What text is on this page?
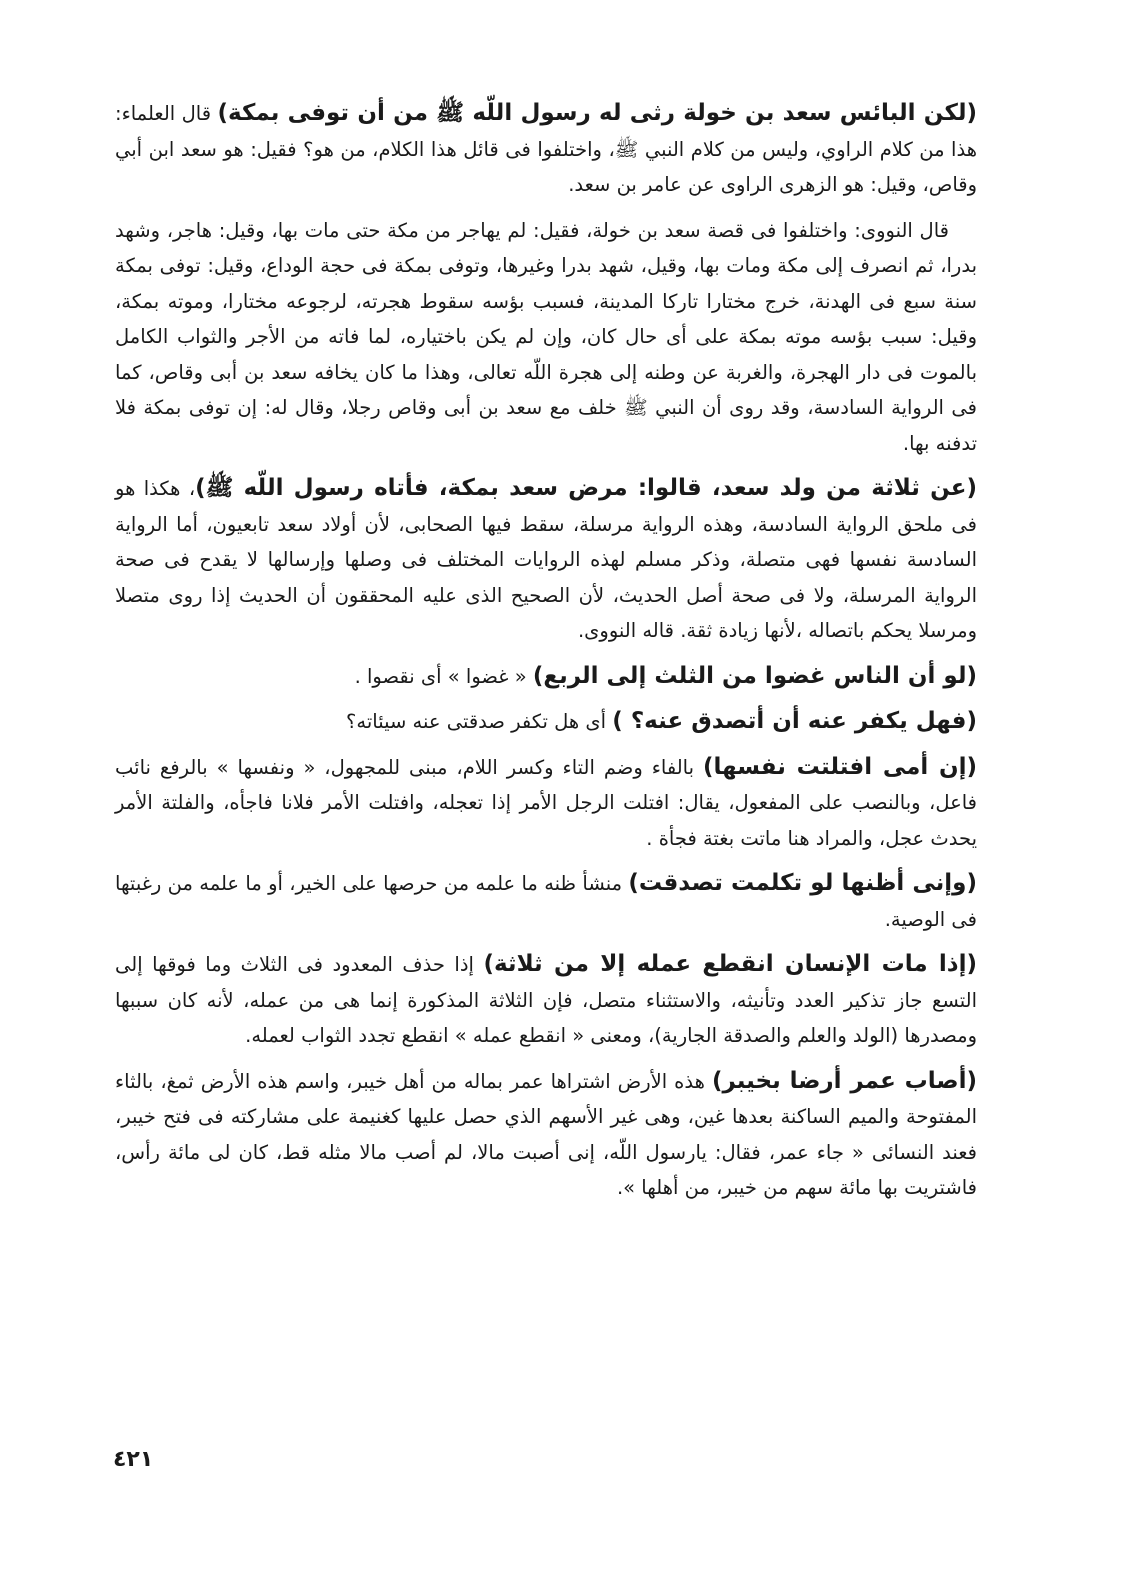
(لكن البائس سعد بن خولة رثى له رسول اللّه ﷺ من أن توفى بمكة) قال العلماء: هذا من كلام الراوي، وليس من كلام النبي ﷺ، واختلفوا فى قائل هذا الكلام، من هو؟ فقيل: هو سعد ابن أبي وقاص، وقيل: هو الزهرى الراوى عن عامر بن سعد.

قال النووى: واختلفوا فى قصة سعد بن خولة، فقيل: لم يهاجر من مكة حتى مات بها، وقيل: هاجر، وشهد بدرا، ثم انصرف إلى مكة ومات بها، وقيل، شهد بدرا وغيرها، وتوفى بمكة فى حجة الوداع، وقيل: توفى بمكة سنة سبع فى الهدنة، خرج مختارا تاركا المدينة، فسبب بؤسه سقوط هجرته، لرجوعه مختارا، وموته بمكة، وقيل: سبب بؤسه موته بمكة على أى حال كان، وإن لم يكن باختياره، لما فاته من الأجر والثواب الكامل بالموت فى دار الهجرة، والغربة عن وطنه إلى هجرة اللّه تعالى، وهذا ما كان يخافه سعد بن أبى وقاص، كما فى الرواية السادسة، وقد روى أن النبي ﷺ خلف مع سعد بن أبى وقاص رجلا، وقال له: إن توفى بمكة فلا تدفنه بها.

(عن ثلاثة من ولد سعد، قالوا: مرض سعد بمكة، فأتاه رسول اللّه ﷺ)، هكذا هو فى ملحق الرواية السادسة، وهذه الرواية مرسلة، سقط فيها الصحابى، لأن أولاد سعد تابعيون، أما الرواية السادسة نفسها فهى متصلة، وذكر مسلم لهذه الروايات المختلف فى وصلها وإرسالها لا يقدح فى صحة الرواية المرسلة، ولا فى صحة أصل الحديث، لأن الصحيح الذى عليه المحققون أن الحديث إذا روى متصلا ومرسلا يحكم باتصاله ،لأنها زيادة ثقة. قاله النووى.

(لو أن الناس غضوا من الثلث إلى الربع) « غضوا » أى نقصوا .

(فهل يكفر عنه أن أتصدق عنه؟ ) أى هل تكفر صدقتى عنه سيئاته؟

(إن أمى افتلتت نفسها) بالفاء وضم التاء وكسر اللام، مبنى للمجهول، « ونفسها » بالرفع نائب فاعل، وبالنصب على المفعول، يقال: افتلت الرجل الأمر إذا تعجله، وافتلت الأمر فلانا فاجأه، والفلتة الأمر يحدث عجل، والمراد هنا ماتت بغتة فجأة .

(وإنى أظنها لو تكلمت تصدقت) منشأ ظنه ما علمه من حرصها على الخير، أو ما علمه من رغبتها فى الوصية.

(إذا مات الإنسان انقطع عمله إلا من ثلاثة) إذا حذف المعدود فى الثلاث وما فوقها إلى التسع جاز تذكير العدد وتأنيثه، والاستثناء متصل، فإن الثلاثة المذكورة إنما هى من عمله، لأنه كان سببها ومصدرها (الولد والعلم والصدقة الجارية)، ومعنى « انقطع عمله » انقطع تجدد الثواب لعمله.

(أصاب عمر أرضا بخيبر) هذه الأرض اشتراها عمر بماله من أهل خيبر، واسم هذه الأرض ثمغ، بالثاء المفتوحة والميم الساكنة بعدها غين، وهى غير الأسهم الذي حصل عليها كغنيمة على مشاركته فى فتح خيبر، فعند النسائى « جاء عمر، فقال: يارسول اللّه، إنى أصبت مالا، لم أصب مالا مثله قط، كان لى مائة رأس، فاشتريت بها مائة سهم من خيبر، من أهلها ».

٤٢١
